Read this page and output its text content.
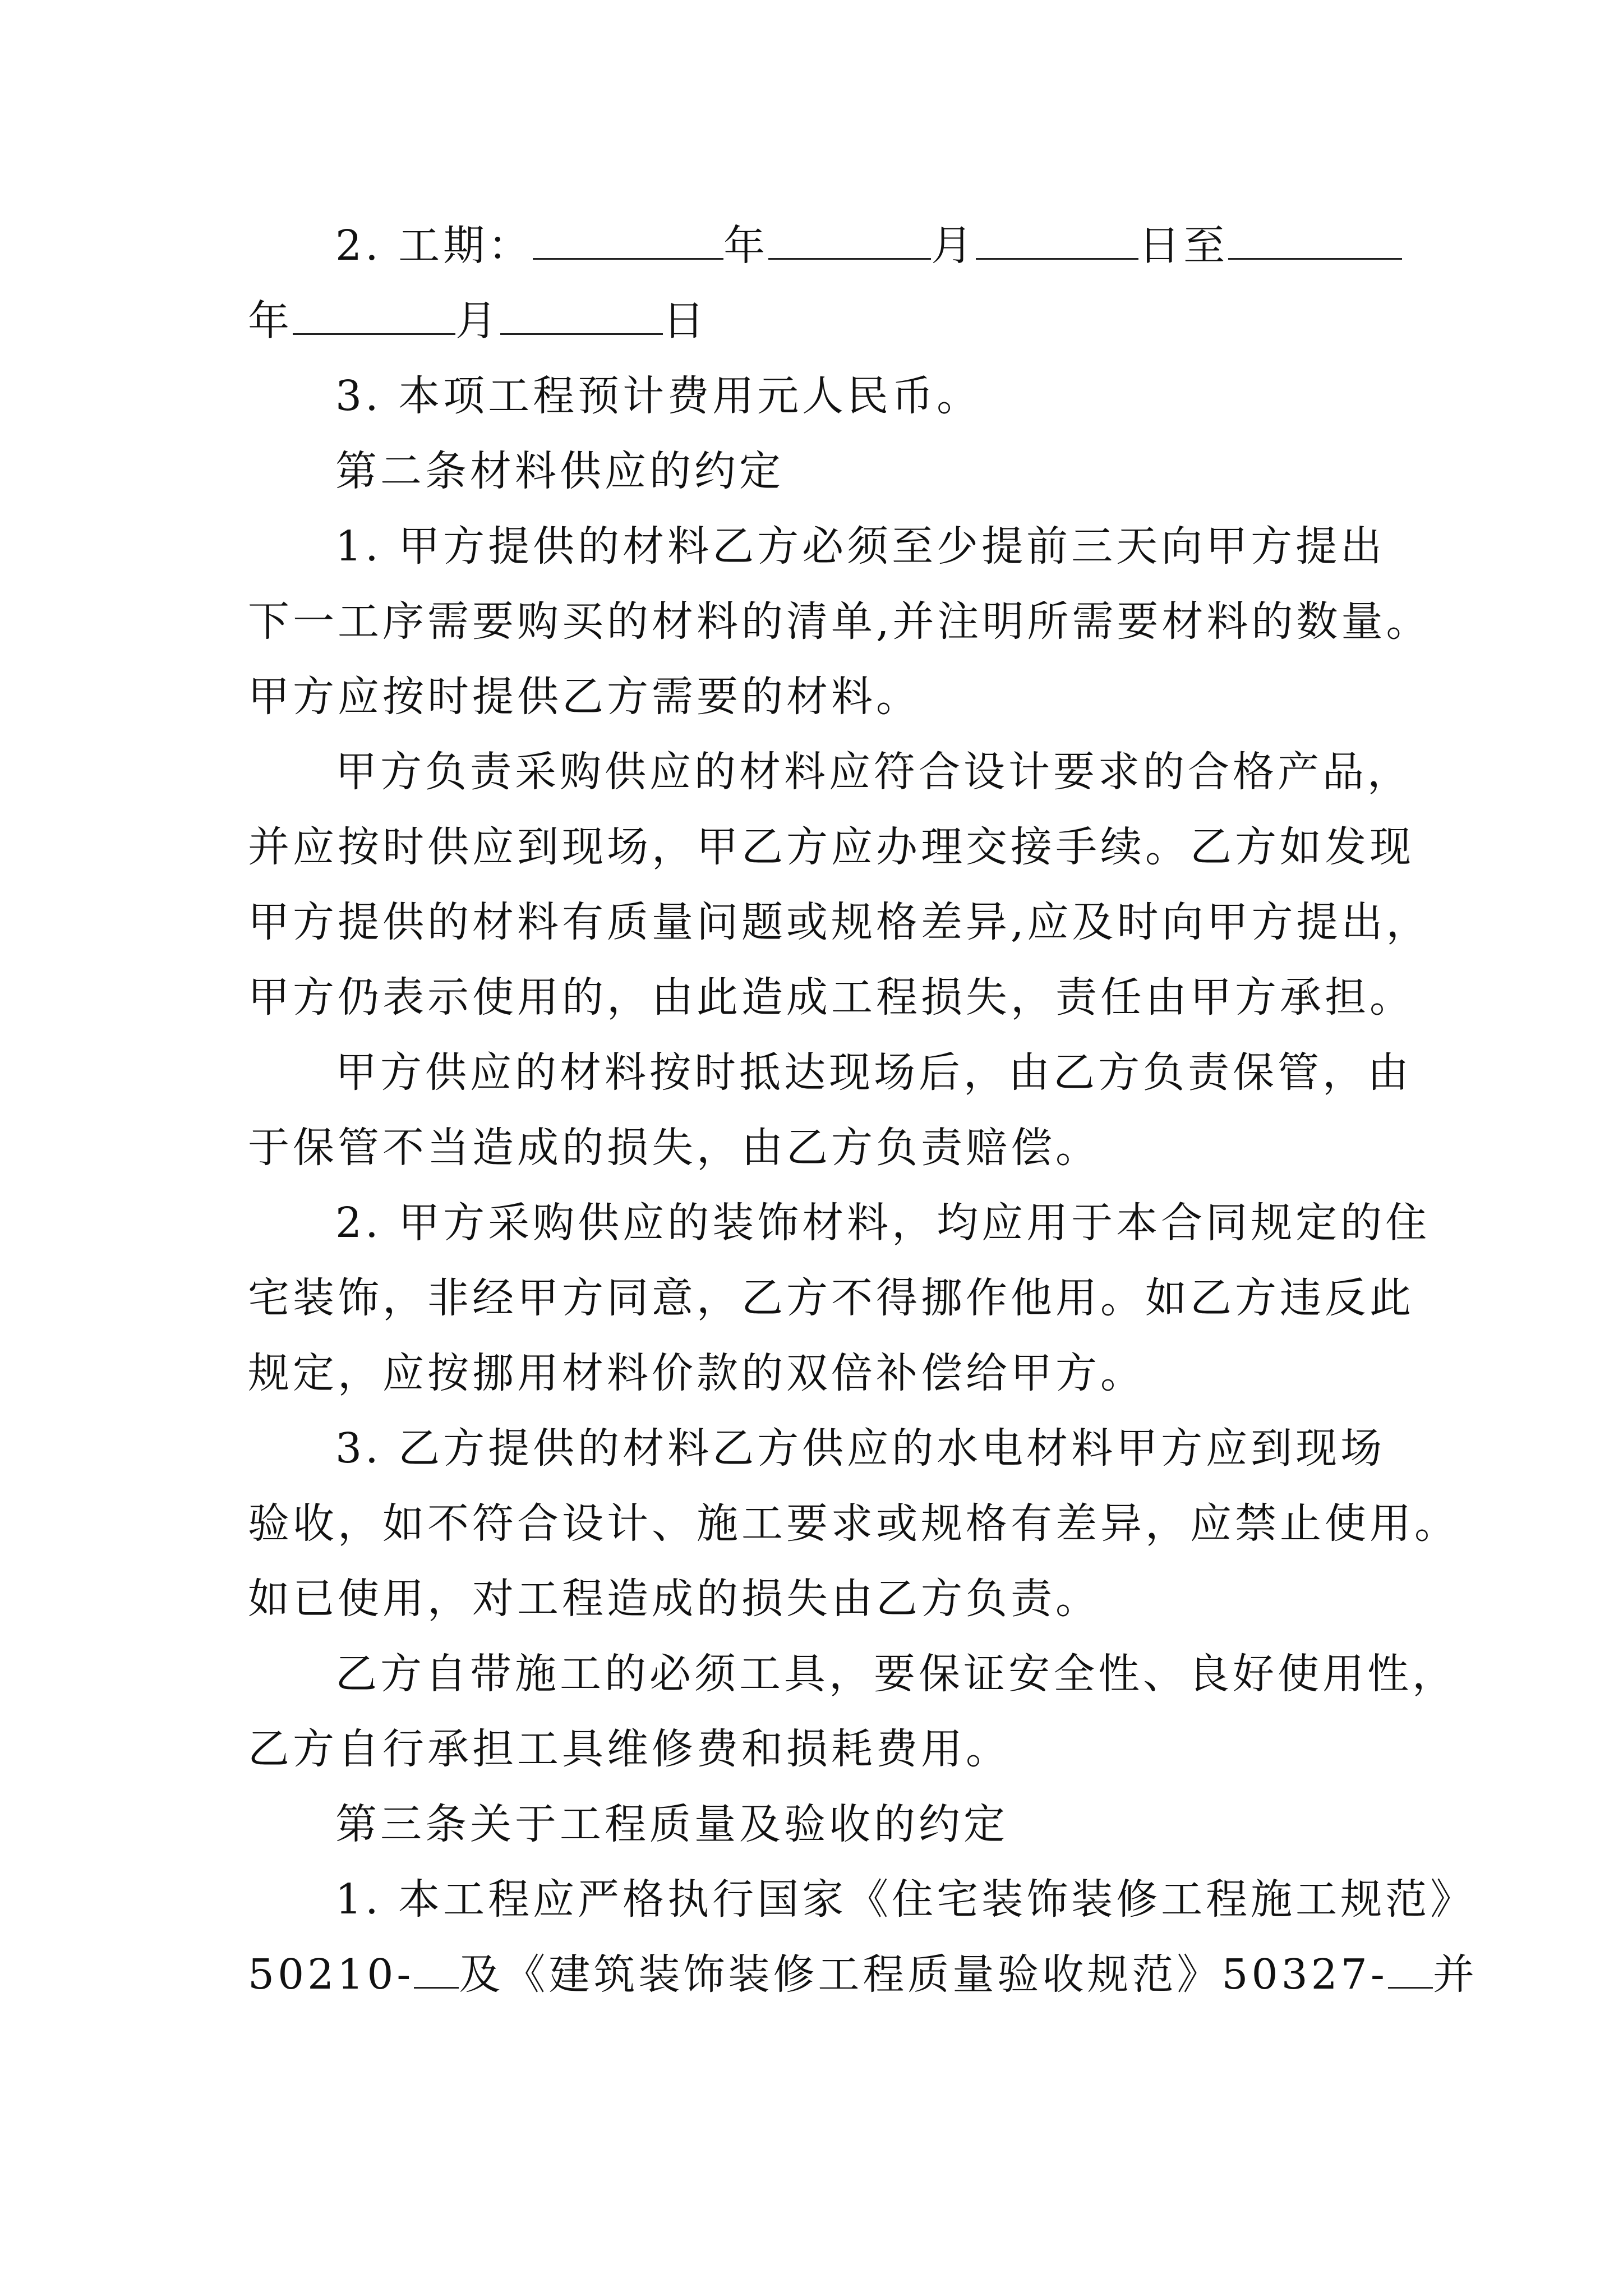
2. 工期：	年	月	日至
年	月	日
3. 本项工程预计费用元人民币。
第二条材料供应的约定
1. 甲方提供的材料乙方必须至少提前三天向甲方提出
下一工序需要购买的材料的清单,并注明所需要材料的数量。
甲方应按时提供乙方需要的材料。
甲方负责采购供应的材料应符合设计要求的合格产品，
并应按时供应到现场，甲乙方应办理交接手续。乙方如发现
甲方提供的材料有质量问题或规格差异,应及时向甲方提出，
甲方仍表示使用的，由此造成工程损失，责任由甲方承担。
甲方供应的材料按时抵达现场后，由乙方负责保管，由
于保管不当造成的损失，由乙方负责赔偿。
2. 甲方采购供应的装饰材料，均应用于本合同规定的住
宅装饰，非经甲方同意，乙方不得挪作他用。如乙方违反此
规定，应按挪用材料价款的双倍补偿给甲方。
3. 乙方提供的材料乙方供应的水电材料甲方应到现场
验收，如不符合设计、施工要求或规格有差异，应禁止使用。
如已使用，对工程造成的损失由乙方负责。
乙方自带施工的必须工具，要保证安全性、良好使用性，
乙方自行承担工具维修费和损耗费用。
第三条关于工程质量及验收的约定
1. 本工程应严格执行国家《住宅装饰装修工程施工规范》
50210- 及《建筑装饰装修工程质量验收规范》50327- 并
